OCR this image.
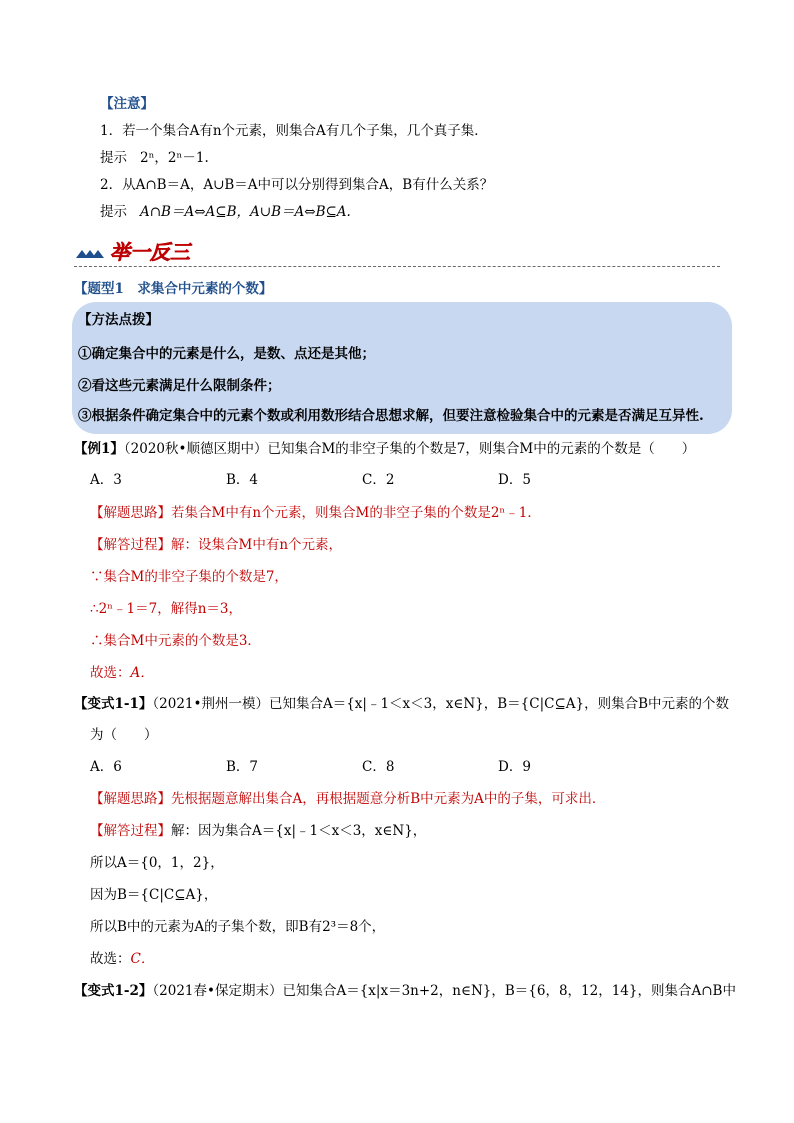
【注意】
1．若一个集合A有n个元素，则集合A有几个子集，几个真子集．
提示 2ⁿ，2ⁿ－1.
2．从A∩B＝A，A∪B＝A中可以分别得到集合A，B有什么关系？
提示 A∩B＝A⇔A⊆B，A∪B＝A⇔B⊆A.
举一反三
【题型1　求集合中元素的个数】
【方法点拨】
①确定集合中的元素是什么，是数、点还是其他；
②看这些元素满足什么限制条件；
③根据条件确定集合中的元素个数或利用数形结合思想求解，但要注意检验集合中的元素是否满足互异性.
【例1】（2020秋•顺德区期中）已知集合M的非空子集的个数是7，则集合M中的元素的个数是（　　）
A．3	B．4	C．2	D．5
【解题思路】若集合M中有n个元素，则集合M的非空子集的个数是2ⁿ﹣1．
【解答过程】解：设集合M中有n个元素，
∵集合M的非空子集的个数是7，
∴2ⁿ﹣1＝7，解得n＝3，
∴集合M中元素的个数是3．
故选：A．
【变式1-1】（2021•荆州一模）已知集合A＝{x|﹣1＜x＜3，x∈N}，B＝{C|C⊆A}，则集合B中元素的个数
为（　　）
A．6	B．7	C．8	D．9
【解题思路】先根据题意解出集合A，再根据题意分析B中元素为A中的子集，可求出．
【解答过程】解：因为集合A＝{x|﹣1＜x＜3，x∈N}，
所以A＝{0，1，2}，
因为B＝{C|C⊆A}，
所以B中的元素为A的子集个数，即B有2³＝8个，
故选：C．
【变式1-2】（2021春•保定期末）已知集合A＝{x|x＝3n+2，n∈N}，B＝{6，8，12，14}，则集合A∩B中
